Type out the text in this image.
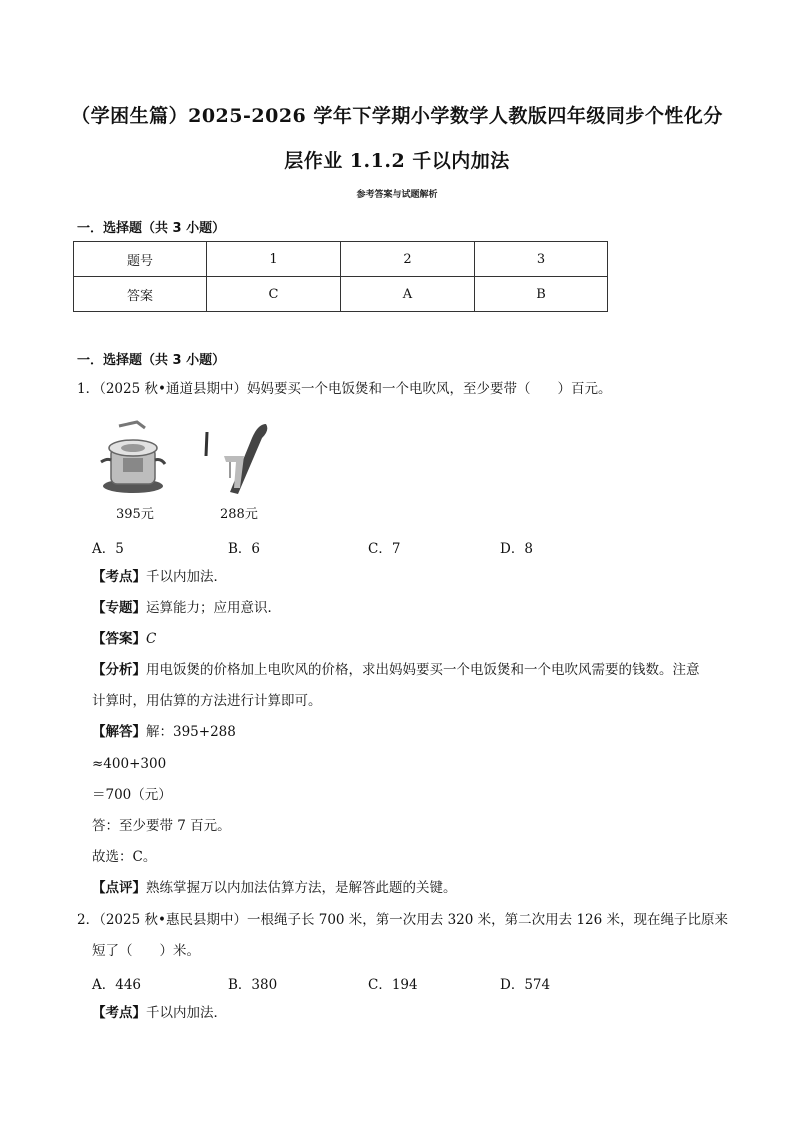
（学困生篇）2025-2026 学年下学期小学数学人教版四年级同步个性化分
层作业 1.1.2 千以内加法
参考答案与试题解析
一．选择题（共 3 小题）
题号	1	2	3
答案	C	A	B
一．选择题（共 3 小题）
1．（2025 秋•通道县期中）妈妈要买一个电饭煲和一个电吹风，至少要带（　　）百元。
395元	288元
A．5	B．6	C．7	D．8
【考点】千以内加法．
【专题】运算能力；应用意识．
【答案】C
【分析】用电饭煲的价格加上电吹风的价格，求出妈妈要买一个电饭煲和一个电吹风需要的钱数。注意
计算时，用估算的方法进行计算即可。
【解答】解：395+288
≈400+300
＝700（元）
答：至少要带 7 百元。
故选：C。
【点评】熟练掌握万以内加法估算方法，是解答此题的关键。
2．（2025 秋•惠民县期中）一根绳子长 700 米，第一次用去 320 米，第二次用去 126 米，现在绳子比原来
短了（　　）米。
A．446	B．380	C．194	D．574
【考点】千以内加法．
